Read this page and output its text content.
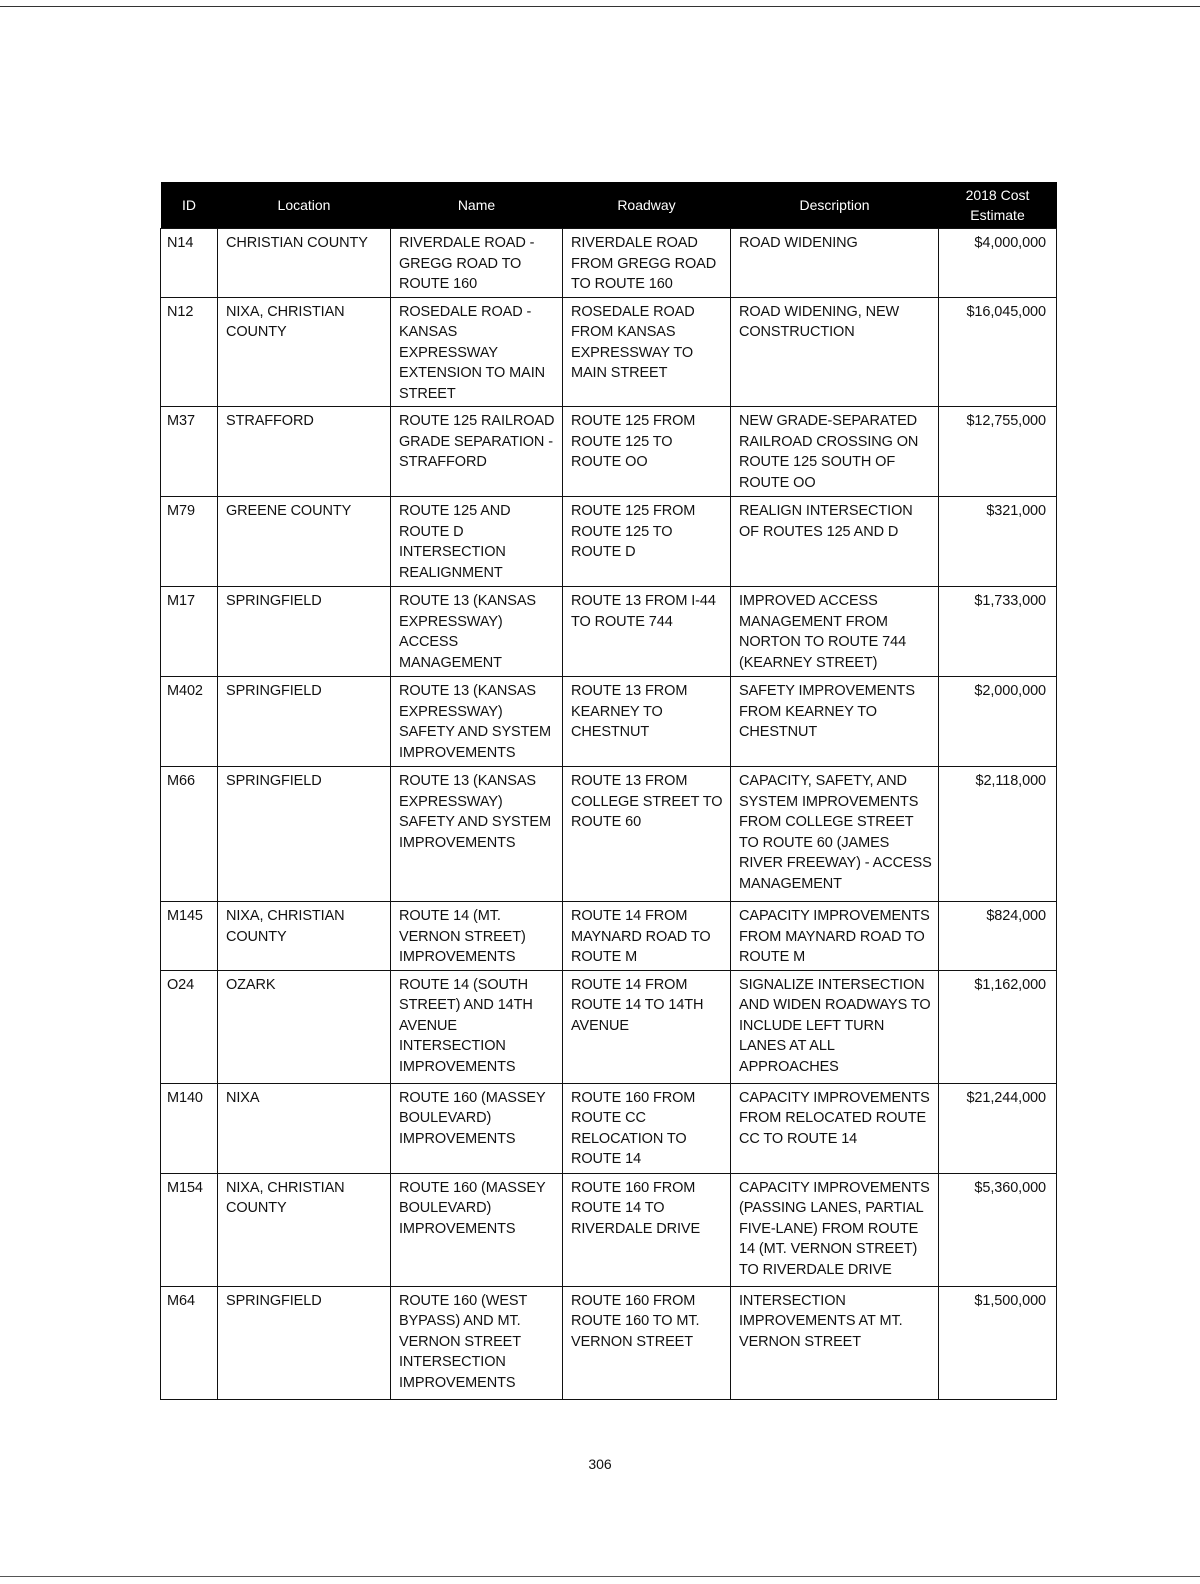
ID	Location	Name	Roadway	Description	2018 Cost
Estimate

N14	CHRISTIAN COUNTY	RIVERDALE ROAD - GREGG ROAD TO ROUTE 160	RIVERDALE ROAD FROM GREGG ROAD TO ROUTE 160	ROAD WIDENING	$4,000,000
N12	NIXA, CHRISTIAN COUNTY	ROSEDALE ROAD - KANSAS EXPRESSWAY EXTENSION TO MAIN STREET	ROSEDALE ROAD FROM KANSAS EXPRESSWAY TO MAIN STREET	ROAD WIDENING, NEW CONSTRUCTION	$16,045,000
M37	STRAFFORD	ROUTE 125 RAILROAD GRADE SEPARATION - STRAFFORD	ROUTE 125 FROM ROUTE 125 TO ROUTE OO	NEW GRADE-SEPARATED RAILROAD CROSSING ON ROUTE 125 SOUTH OF ROUTE OO	$12,755,000
M79	GREENE COUNTY	ROUTE 125 AND ROUTE D INTERSECTION REALIGNMENT	ROUTE 125 FROM ROUTE 125 TO ROUTE D	REALIGN INTERSECTION OF ROUTES 125 AND D	$321,000
M17	SPRINGFIELD	ROUTE 13 (KANSAS EXPRESSWAY) ACCESS MANAGEMENT	ROUTE 13 FROM I-44 TO ROUTE 744	IMPROVED ACCESS MANAGEMENT FROM NORTON TO ROUTE 744 (KEARNEY STREET)	$1,733,000
M402	SPRINGFIELD	ROUTE 13 (KANSAS EXPRESSWAY) SAFETY AND SYSTEM IMPROVEMENTS	ROUTE 13 FROM KEARNEY TO CHESTNUT	SAFETY IMPROVEMENTS FROM KEARNEY TO CHESTNUT	$2,000,000
M66	SPRINGFIELD	ROUTE 13 (KANSAS EXPRESSWAY) SAFETY AND SYSTEM IMPROVEMENTS	ROUTE 13 FROM COLLEGE STREET TO ROUTE 60	CAPACITY, SAFETY, AND SYSTEM IMPROVEMENTS FROM COLLEGE STREET TO ROUTE 60 (JAMES RIVER FREEWAY) - ACCESS MANAGEMENT	$2,118,000
M145	NIXA, CHRISTIAN COUNTY	ROUTE 14 (MT. VERNON STREET) IMPROVEMENTS	ROUTE 14 FROM MAYNARD ROAD TO ROUTE M	CAPACITY IMPROVEMENTS FROM MAYNARD ROAD TO ROUTE M	$824,000
O24	OZARK	ROUTE 14 (SOUTH STREET) AND 14TH AVENUE INTERSECTION IMPROVEMENTS	ROUTE 14 FROM ROUTE 14 TO 14TH AVENUE	SIGNALIZE INTERSECTION AND WIDEN ROADWAYS TO INCLUDE LEFT TURN LANES AT ALL APPROACHES	$1,162,000
M140	NIXA	ROUTE 160 (MASSEY BOULEVARD) IMPROVEMENTS	ROUTE 160 FROM ROUTE CC RELOCATION TO ROUTE 14	CAPACITY IMPROVEMENTS FROM RELOCATED ROUTE CC TO ROUTE 14	$21,244,000
M154	NIXA, CHRISTIAN COUNTY	ROUTE 160 (MASSEY BOULEVARD) IMPROVEMENTS	ROUTE 160 FROM ROUTE 14 TO RIVERDALE DRIVE	CAPACITY IMPROVEMENTS (PASSING LANES, PARTIAL FIVE-LANE) FROM ROUTE 14 (MT. VERNON STREET) TO RIVERDALE DRIVE	$5,360,000
M64	SPRINGFIELD	ROUTE 160 (WEST BYPASS) AND MT. VERNON STREET INTERSECTION IMPROVEMENTS	ROUTE 160 FROM ROUTE 160 TO MT. VERNON STREET	INTERSECTION IMPROVEMENTS AT MT. VERNON STREET	$1,500,000
306
